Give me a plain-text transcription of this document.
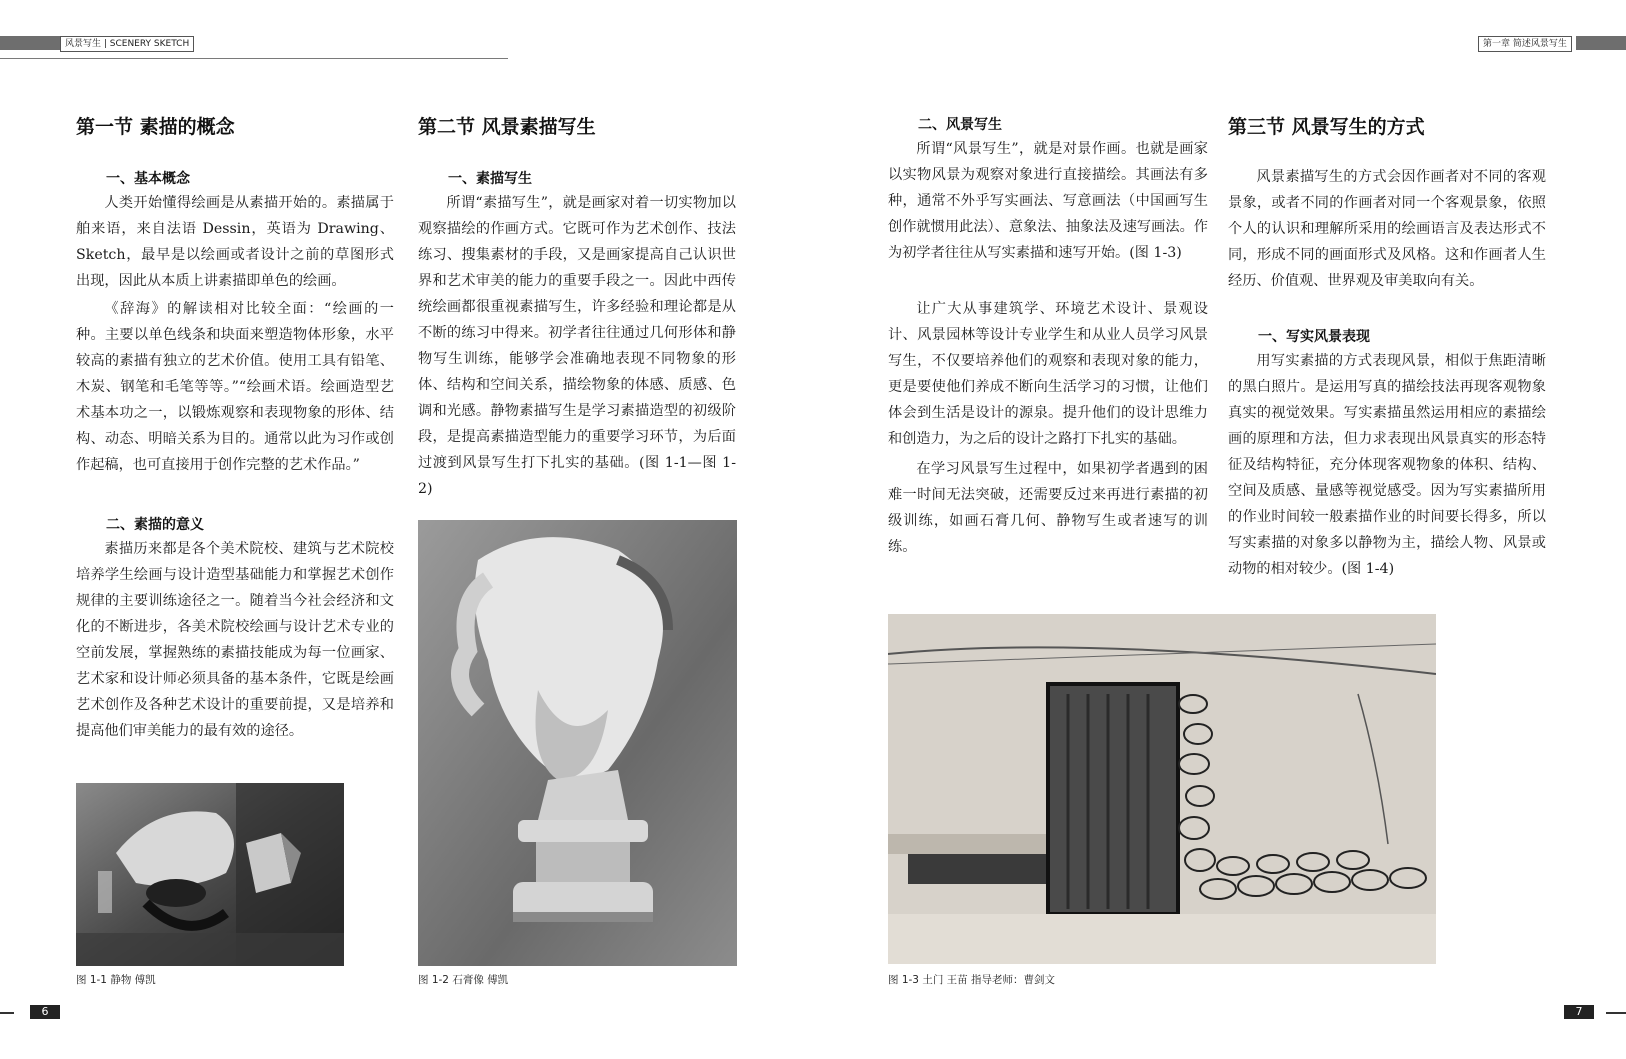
风景写生 | SCENERY SKETCH	第一章 简述风景写生
第一节 素描的概念
一、基本概念

人类开始懂得绘画是从素描开始的。素描属于舶来语，来自法语 Dessin，英语为 Drawing、Sketch，最早是以绘画或者设计之前的草图形式出现，因此从本质上讲素描即单色的绘画。

《辞海》的解读相对比较全面：“绘画的一种。主要以单色线条和块面来塑造物体形象，水平较高的素描有独立的艺术价值。使用工具有铅笔、木炭、钢笔和毛笔等等。”“绘画术语。绘画造型艺术基本功之一，以锻炼观察和表现物象的形体、结构、动态、明暗关系为目的。通常以此为习作或创作起稿，也可直接用于创作完整的艺术作品。”

二、素描的意义

素描历来都是各个美术院校、建筑与艺术院校培养学生绘画与设计造型基础能力和掌握艺术创作规律的主要训练途径之一。随着当今社会经济和文化的不断进步，各美术院校绘画与设计艺术专业的空前发展，掌握熟练的素描技能成为每一位画家、艺术家和设计师必须具备的基本条件，它既是绘画艺术创作及各种艺术设计的重要前提，又是培养和提高他们审美能力的最有效的途径。

图 1-1 静物 傅凯
第二节 风景素描写生
一、素描写生

所谓“素描写生”，就是画家对着一切实物加以观察描绘的作画方式。它既可作为艺术创作、技法练习、搜集素材的手段，又是画家提高自己认识世界和艺术审美的能力的重要手段之一。因此中西传统绘画都很重视素描写生，许多经验和理论都是从不断的练习中得来。初学者往往通过几何形体和静物写生训练，能够学会准确地表现不同物象的形体、结构和空间关系，描绘物象的体感、质感、色调和光感。静物素描写生是学习素描造型的初级阶段，是提高素描造型能力的重要学习环节，为后面过渡到风景写生打下扎实的基础。(图 1-1—图 1-2)

图 1-2 石膏像 傅凯
二、风景写生

所谓“风景写生”，就是对景作画。也就是画家以实物风景为观察对象进行直接描绘。其画法有多种，通常不外乎写实画法、写意画法（中国画写生创作就惯用此法）、意象法、抽象法及速写画法。作为初学者往往从写实素描和速写开始。(图 1-3)

让广大从事建筑学、环境艺术设计、景观设计、风景园林等设计专业学生和从业人员学习风景写生，不仅要培养他们的观察和表现对象的能力，更是要使他们养成不断向生活学习的习惯，让他们体会到生活是设计的源泉。提升他们的设计思维力和创造力，为之后的设计之路打下扎实的基础。

在学习风景写生过程中，如果初学者遇到的困难一时间无法突破，还需要反过来再进行素描的初级训练，如画石膏几何、静物写生或者速写的训练。

图 1-3 土门 王苗 指导老师：曹剑文
第三节 风景写生的方式

风景素描写生的方式会因作画者对不同的客观景象，或者不同的作画者对同一个客观景象，依照个人的认识和理解所采用的绘画语言及表达形式不同，形成不同的画面形式及风格。这和作画者人生经历、价值观、世界观及审美取向有关。

一、写实风景表现

用写实素描的方式表现风景，相似于焦距清晰的黑白照片。是运用写真的描绘技法再现客观物象真实的视觉效果。写实素描虽然运用相应的素描绘画的原理和方法，但力求表现出风景真实的形态特征及结构特征，充分体现客观物象的体积、结构、空间及质感、量感等视觉感受。因为写实素描所用的作业时间较一般素描作业的时间要长得多，所以写实素描的对象多以静物为主，描绘人物、风景或动物的相对较少。(图 1-4)

6	7
